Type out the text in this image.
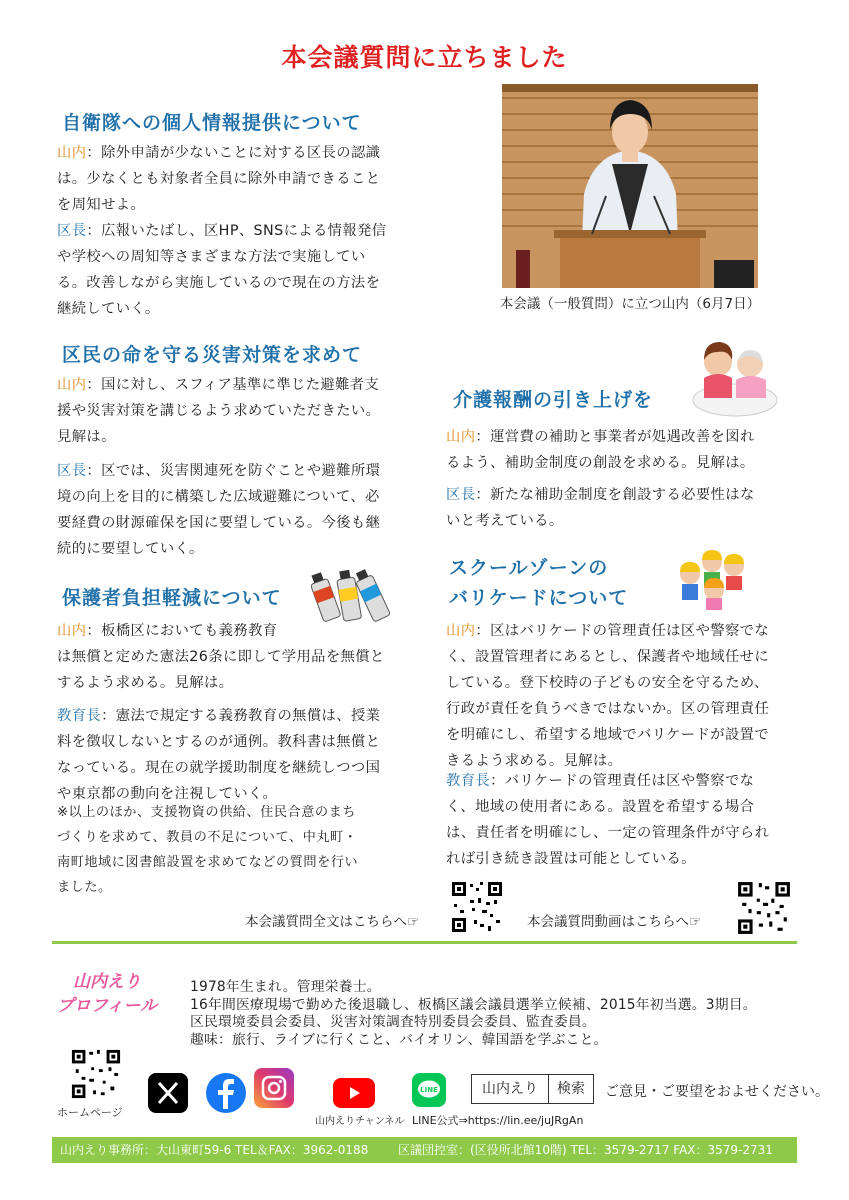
本会議質問に立ちました
自衛隊への個人情報提供について
山内：除外申請が少ないことに対する区長の認識
は。少なくとも対象者全員に除外申請できること
を周知せよ。
区長：広報いたばし、区HP、SNSによる情報発信
や学校への周知等さまざまな方法で実施してい
る。改善しながら実施しているので現在の方法を
継続していく。	本会議（一般質問）に立つ山内（6月7日）
区民の命を守る災害対策を求めて
山内：国に対し、スフィア基準に準じた避難者支
援や災害対策を講じるよう求めていただきたい。
見解は。
区長：区では、災害関連死を防ぐことや避難所環
境の向上を目的に構築した広域避難について、必
要経費の財源確保を国に要望している。今後も継
続的に要望していく。
保護者負担軽減について
山内：板橋区においても義務教育
は無償と定めた憲法26条に即して学用品を無償と
するよう求める。見解は。
教育長：憲法で規定する義務教育の無償は、授業
料を徴収しないとするのが通例。教科書は無償と
なっている。現在の就学援助制度を継続しつつ国
や東京都の動向を注視していく。
※以上のほか、支援物資の供給、住民合意のまち
づくりを求めて、教員の不足について、中丸町・
南町地域に図書館設置を求めてなどの質問を行い
ました。
介護報酬の引き上げを
山内：運営費の補助と事業者が処遇改善を図れ
るよう、補助金制度の創設を求める。見解は。
区長：新たな補助金制度を創設する必要性はな
いと考えている。
スクールゾーンの
バリケードについて
山内：区はバリケードの管理責任は区や警察でな
く、設置管理者にあるとし、保護者や地域任せに
している。登下校時の子どもの安全を守るため、
行政が責任を負うべきではないか。区の管理責任
を明確にし、希望する地域でバリケードが設置で
きるよう求める。見解は。
教育長：バリケードの管理責任は区や警察でな
く、地域の使用者にある。設置を希望する場合
は、責任者を明確にし、一定の管理条件が守られ
れば引き続き設置は可能としている。
本会議質問全文はこちらへ☞	本会議質問動画はこちらへ☞
山内えり
プロフィール
1978年生まれ。管理栄養士。
16年間医療現場で勤めた後退職し、板橋区議会議員選挙立候補、2015年初当選。3期目。
区民環境委員会委員、災害対策調査特別委員会委員、監査委員。
趣味：旅行、ライブに行くこと、バイオリン、韓国語を学ぶこと。
ホームページ
山内えりチャンネル
LINE
LINE公式⇒https://lin.ee/juJRgAn
山内えり	検索	ご意見・ご要望をおよせください。
山内えり事務所：大山東町59-6 TEL＆FAX：3962-0188 区議団控室：(区役所北館10階) TEL：3579-2717 FAX：3579-2731
